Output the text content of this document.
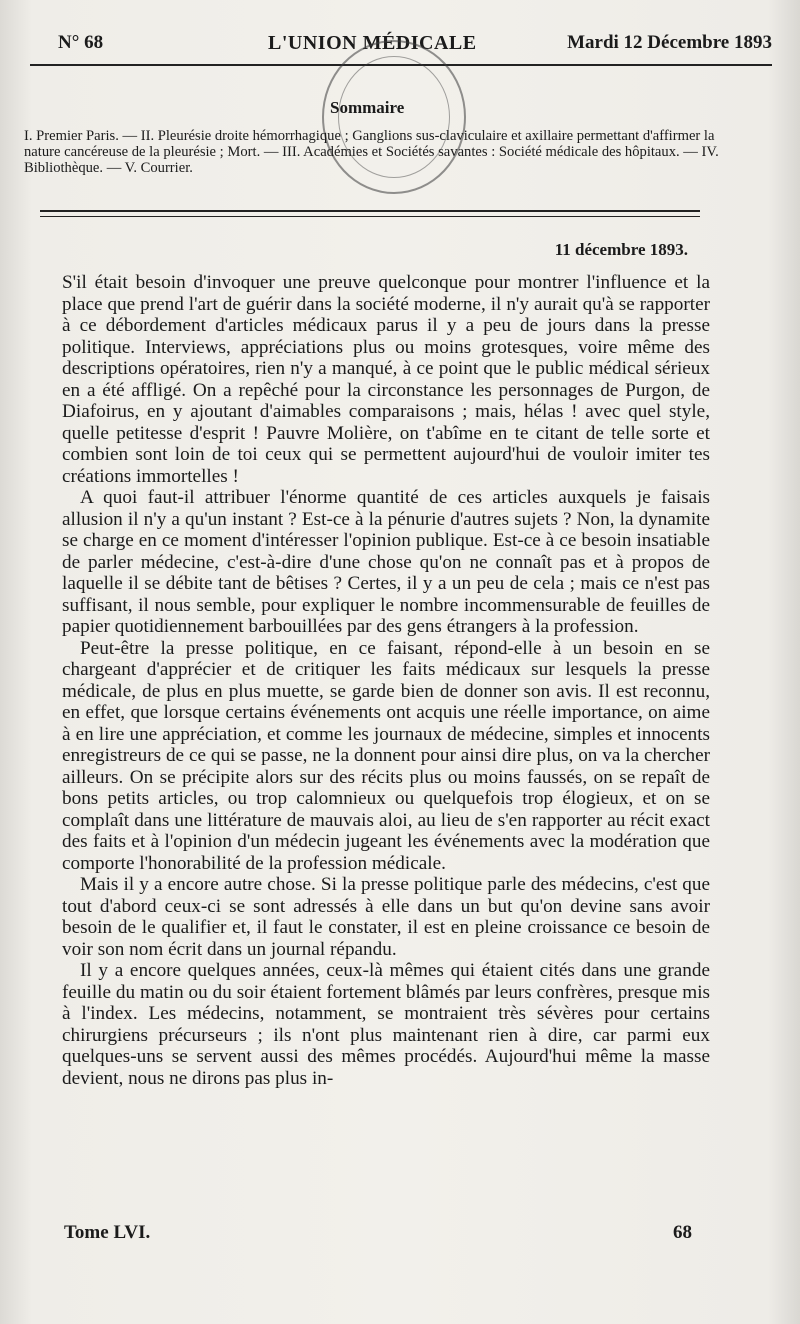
N° 68	L'UNION MÉDICALE	Mardi 12 Décembre 1893
Sommaire
I. Premier Paris. — II. Pleurésie droite hémorrhagique ; Ganglions sus-claviculaire et axillaire permettant d'affirmer la nature cancéreuse de la pleurésie ; Mort. — III. Académies et Sociétés savantes : Société médicale des hôpitaux. — IV. Bibliothèque. — V. Courrier.
11 décembre 1893.

S'il était besoin d'invoquer une preuve quelconque pour montrer l'influence et la place que prend l'art de guérir dans la société moderne, il n'y aurait qu'à se rapporter à ce débordement d'articles médicaux parus il y a peu de jours dans la presse politique. Interviews, appréciations plus ou moins grotesques, voire même des descriptions opératoires, rien n'y a manqué, à ce point que le public médical sérieux en a été affligé. On a repêché pour la circonstance les personnages de Purgon, de Diafoirus, en y ajoutant d'aimables comparaisons ; mais, hélas ! avec quel style, quelle petitesse d'esprit ! Pauvre Molière, on t'abîme en te citant de telle sorte et combien sont loin de toi ceux qui se permettent aujourd'hui de vouloir imiter tes créations immortelles !

A quoi faut-il attribuer l'énorme quantité de ces articles auxquels je faisais allusion il n'y a qu'un instant ? Est-ce à la pénurie d'autres sujets ? Non, la dynamite se charge en ce moment d'intéresser l'opinion publique. Est-ce à ce besoin insatiable de parler médecine, c'est-à-dire d'une chose qu'on ne connaît pas et à propos de laquelle il se débite tant de bêtises ? Certes, il y a un peu de cela ; mais ce n'est pas suffisant, il nous semble, pour expliquer le nombre incommensurable de feuilles de papier quotidiennement barbouillées par des gens étrangers à la profession.

Peut-être la presse politique, en ce faisant, répond-elle à un besoin en se chargeant d'apprécier et de critiquer les faits médicaux sur lesquels la presse médicale, de plus en plus muette, se garde bien de donner son avis. Il est reconnu, en effet, que lorsque certains événements ont acquis une réelle importance, on aime à en lire une appréciation, et comme les journaux de médecine, simples et innocents enregistreurs de ce qui se passe, ne la donnent pour ainsi dire plus, on va la chercher ailleurs. On se précipite alors sur des récits plus ou moins faussés, on se repaît de bons petits articles, ou trop calomnieux ou quelquefois trop élogieux, et on se complaît dans une littérature de mauvais aloi, au lieu de s'en rapporter au récit exact des faits et à l'opinion d'un médecin jugeant les événements avec la modération que comporte l'honorabilité de la profession médicale.

Mais il y a encore autre chose. Si la presse politique parle des médecins, c'est que tout d'abord ceux-ci se sont adressés à elle dans un but qu'on devine sans avoir besoin de le qualifier et, il faut le constater, il est en pleine croissance ce besoin de voir son nom écrit dans un journal répandu.

Il y a encore quelques années, ceux-là mêmes qui étaient cités dans une grande feuille du matin ou du soir étaient fortement blâmés par leurs confrères, presque mis à l'index. Les médecins, notamment, se montraient très sévères pour certains chirurgiens précurseurs ; ils n'ont plus maintenant rien à dire, car parmi eux quelques-uns se servent aussi des mêmes procédés. Aujourd'hui même la masse devient, nous ne dirons pas plus in-

Tome LVI.	68
